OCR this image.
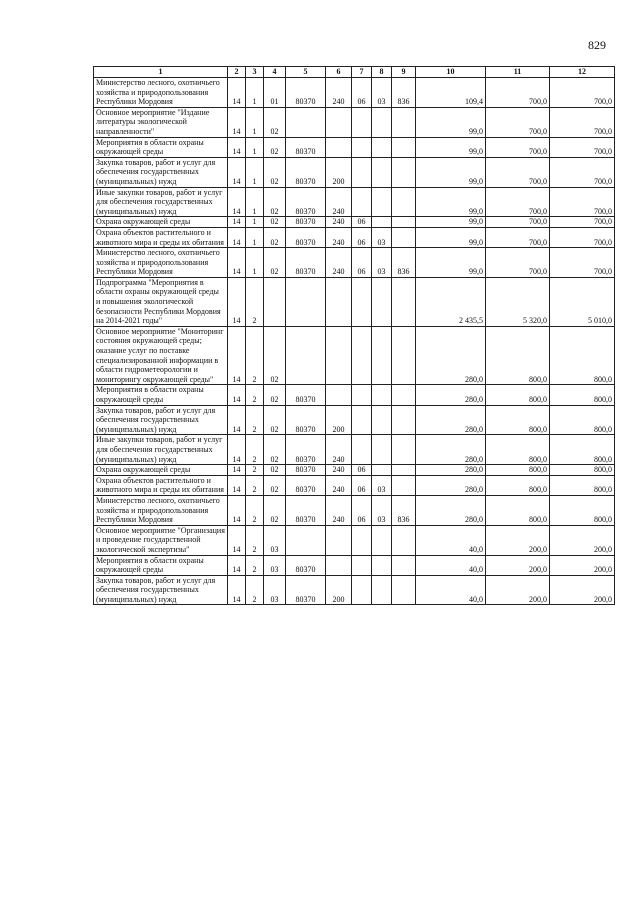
829
1	2	3	4	5	6	7	8	9	10	11	12
Министерство лесного, охотничьего хозяйства и природопользования Республики Мордовия	14	1	01	80370	240	06	03	836	109,4	700,0	700,0
Основное мероприятие "Издание литературы экологической направленности"	14	1	02						99,0	700,0	700,0
Мероприятия в области охраны окружающей среды	14	1	02	80370					99,0	700,0	700,0
Закупка товаров, работ и услуг для обеспечения государственных (муниципальных) нужд	14	1	02	80370	200				99,0	700,0	700,0
Иные закупки товаров, работ и услуг для обеспечения государственных (муниципальных) нужд	14	1	02	80370	240				99,0	700,0	700,0
Охрана окружающей среды	14	1	02	80370	240	06			99,0	700,0	700,0
Охрана объектов растительного и животного мира и среды их обитания	14	1	02	80370	240	06	03		99,0	700,0	700,0
Министерство лесного, охотничьего хозяйства и природопользования Республики Мордовия	14	1	02	80370	240	06	03	836	99,0	700,0	700,0
Подпрограмма "Мероприятия в области охраны окружающей среды и повышения экологической безопасности Республики Мордовия на 2014-2021 годы"	14	2							2 435,5	5 320,0	5 010,0
Основное мероприятие "Мониторинг состояния окружающей среды; оказание услуг по поставке специализированной информации в области гидрометеорологии и мониторингу окружающей среды"	14	2	02						280,0	800,0	800,0
Мероприятия в области охраны окружающей среды	14	2	02	80370					280,0	800,0	800,0
Закупка товаров, работ и услуг для обеспечения государственных (муниципальных) нужд	14	2	02	80370	200				280,0	800,0	800,0
Иные закупки товаров, работ и услуг для обеспечения государственных (муниципальных) нужд	14	2	02	80370	240				280,0	800,0	800,0
Охрана окружающей среды	14	2	02	80370	240	06			280,0	800,0	800,0
Охрана объектов растительного и животного мира и среды их обитания	14	2	02	80370	240	06	03		280,0	800,0	800,0
Министерство лесного, охотничьего хозяйства и природопользования Республики Мордовия	14	2	02	80370	240	06	03	836	280,0	800,0	800,0
Основное мероприятие "Организация и проведение государственной экологической экспертизы"	14	2	03						40,0	200,0	200,0
Мероприятия в области охраны окружающей среды	14	2	03	80370					40,0	200,0	200,0
Закупка товаров, работ и услуг для обеспечения государственных (муниципальных) нужд	14	2	03	80370	200				40,0	200,0	200,0
